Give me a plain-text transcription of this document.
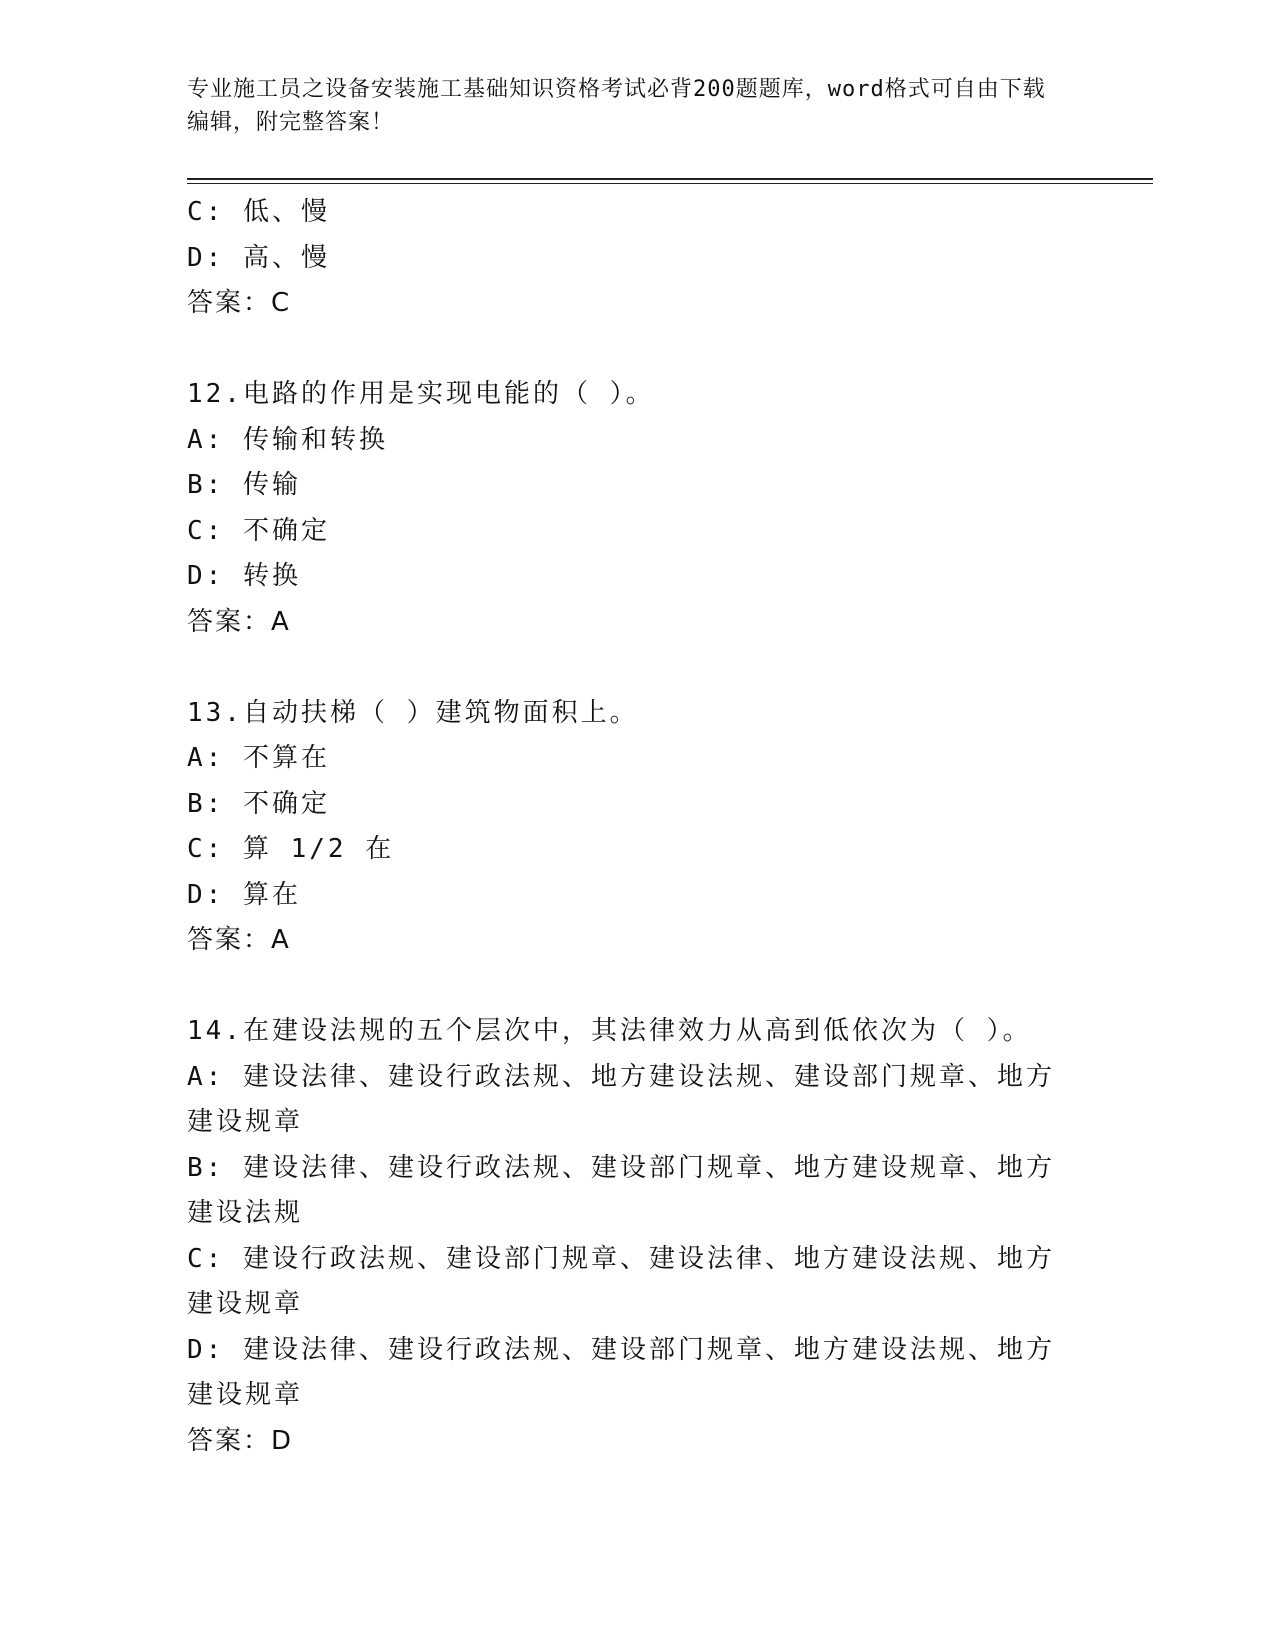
专业施工员之设备安装施工基础知识资格考试必背200题题库，word格式可自由下载编辑，附完整答案！
C: 低、慢
D: 高、慢
答案：C
12.电路的作用是实现电能的（ ）。
A: 传输和转换
B: 传输
C: 不确定
D: 转换
答案：A
13.自动扶梯（ ）建筑物面积上。
A: 不算在
B: 不确定
C: 算 1/2 在
D: 算在
答案：A
14.在建设法规的五个层次中，其法律效力从高到低依次为（ ）。
A: 建设法律、建设行政法规、地方建设法规、建设部门规章、地方建设规章
B: 建设法律、建设行政法规、建设部门规章、地方建设规章、地方建设法规
C: 建设行政法规、建设部门规章、建设法律、地方建设法规、地方建设规章
D: 建设法律、建设行政法规、建设部门规章、地方建设法规、地方建设规章
答案：D
